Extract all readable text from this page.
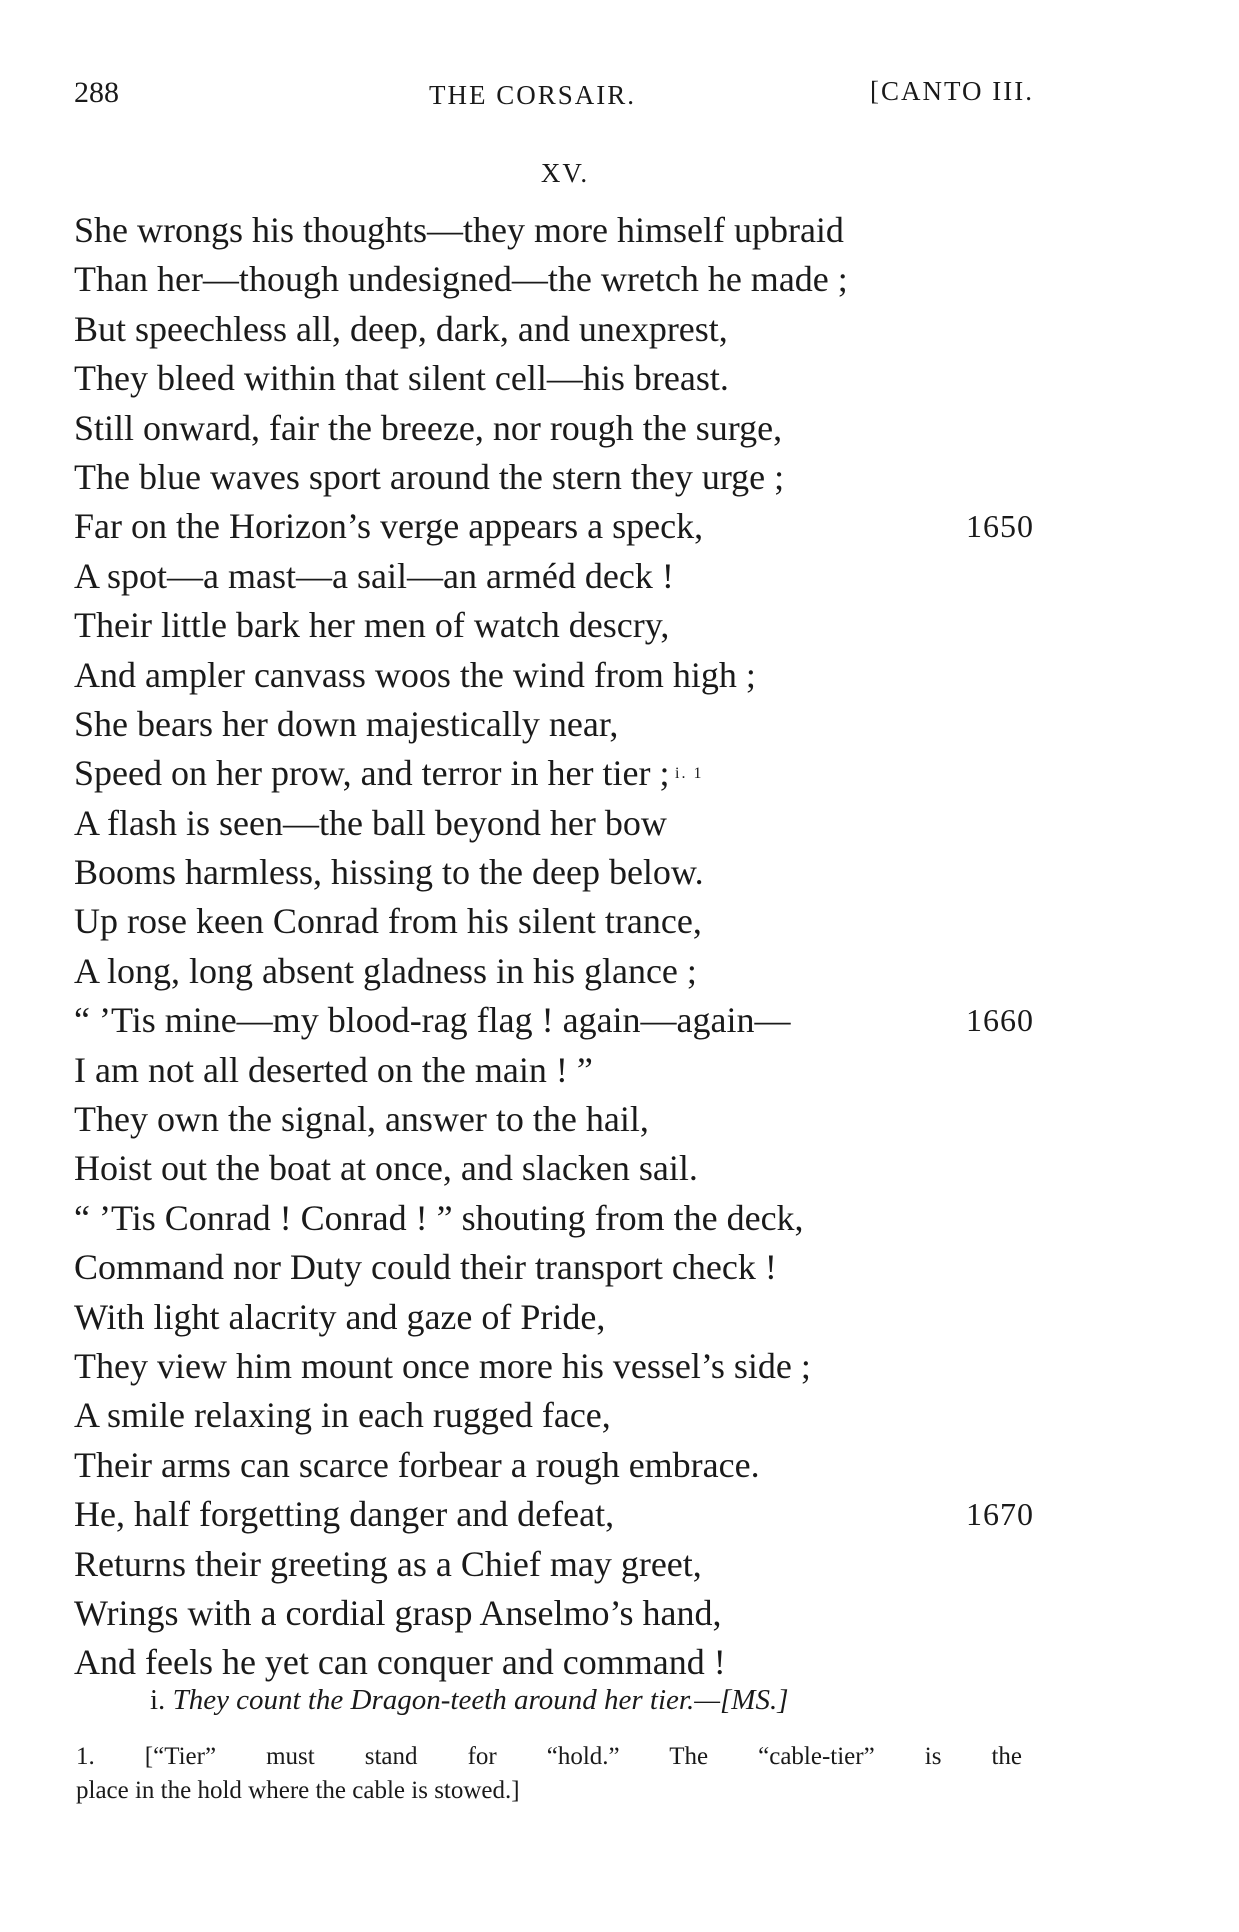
288	THE CORSAIR.	[CANTO III.
XV.
She wrongs his thoughts—they more himself upbraid
Than her—though undesigned—the wretch he made ;
But speechless all, deep, dark, and unexprest,
They bleed within that silent cell—his breast.
Still onward, fair the breeze, nor rough the surge,
The blue waves sport around the stern they urge ;
Far on the Horizon’s verge appears a speck,	1650
A spot—a mast—a sail—an arméd deck !
Their little bark her men of watch descry,
And ampler canvass woos the wind from high ;
She bears her down majestically near,
Speed on her prow, and terror in her tier ; i. 1
A flash is seen—the ball beyond her bow
Booms harmless, hissing to the deep below.
Up rose keen Conrad from his silent trance,
A long, long absent gladness in his glance ;
“ ’Tis mine—my blood-rag flag ! again—again—	1660
I am not all deserted on the main ! ”
They own the signal, answer to the hail,
Hoist out the boat at once, and slacken sail.
“ ’Tis Conrad ! Conrad ! ” shouting from the deck,
Command nor Duty could their transport check !
With light alacrity and gaze of Pride,
They view him mount once more his vessel’s side ;
A smile relaxing in each rugged face,
Their arms can scarce forbear a rough embrace.
He, half forgetting danger and defeat,	1670
Returns their greeting as a Chief may greet,
Wrings with a cordial grasp Anselmo’s hand,
And feels he yet can conquer and command !
i. They count the Dragon-teeth around her tier.—[MS.]
1. [“Tier” must stand for “hold.” The “cable-tier” is the
place in the hold where the cable is stowed.]
